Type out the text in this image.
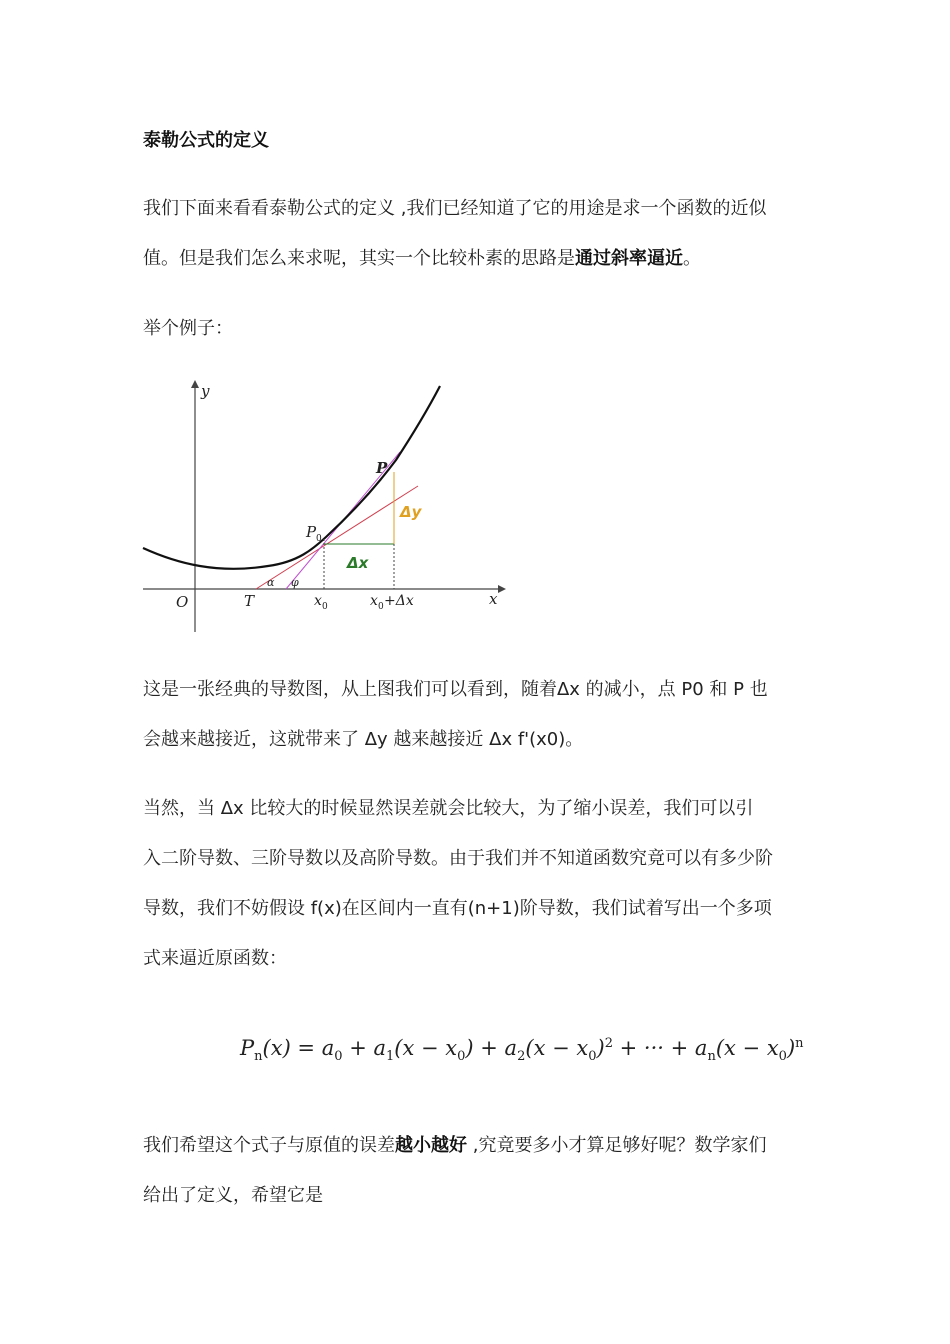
泰勒公式的定义
我们下面来看看泰勒公式的定义 ,我们已经知道了它的用途是求一个函数的近似
值。但是我们怎么来求呢，其实一个比较朴素的思路是通过斜率逼近。
举个例子：
y
x
O	T
P
P 0
x 0	x 0 +Δx
Δx
Δy
α φ
这是一张经典的导数图，从上图我们可以看到，随着Δx 的减小，点 P0 和 P 也
会越来越接近，这就带来了 Δy 越来越接近 Δx f'(x0)。
当然，当 Δx 比较大的时候显然误差就会比较大，为了缩小误差，我们可以引
入二阶导数、三阶导数以及高阶导数。由于我们并不知道函数究竟可以有多少阶
导数，我们不妨假设 f(x)在区间内一直有(n+1)阶导数，我们试着写出一个多项
式来逼近原函数：
$P_n(x) = a_0 + a_1(x - x_0) + a_2(x - x_0)^2$ + ··· + $a_n(x - x_0)^n$
我们希望这个式子与原值的误差越小越好 ,究竟要多小才算足够好呢？数学家们
给出了定义，希望它是
